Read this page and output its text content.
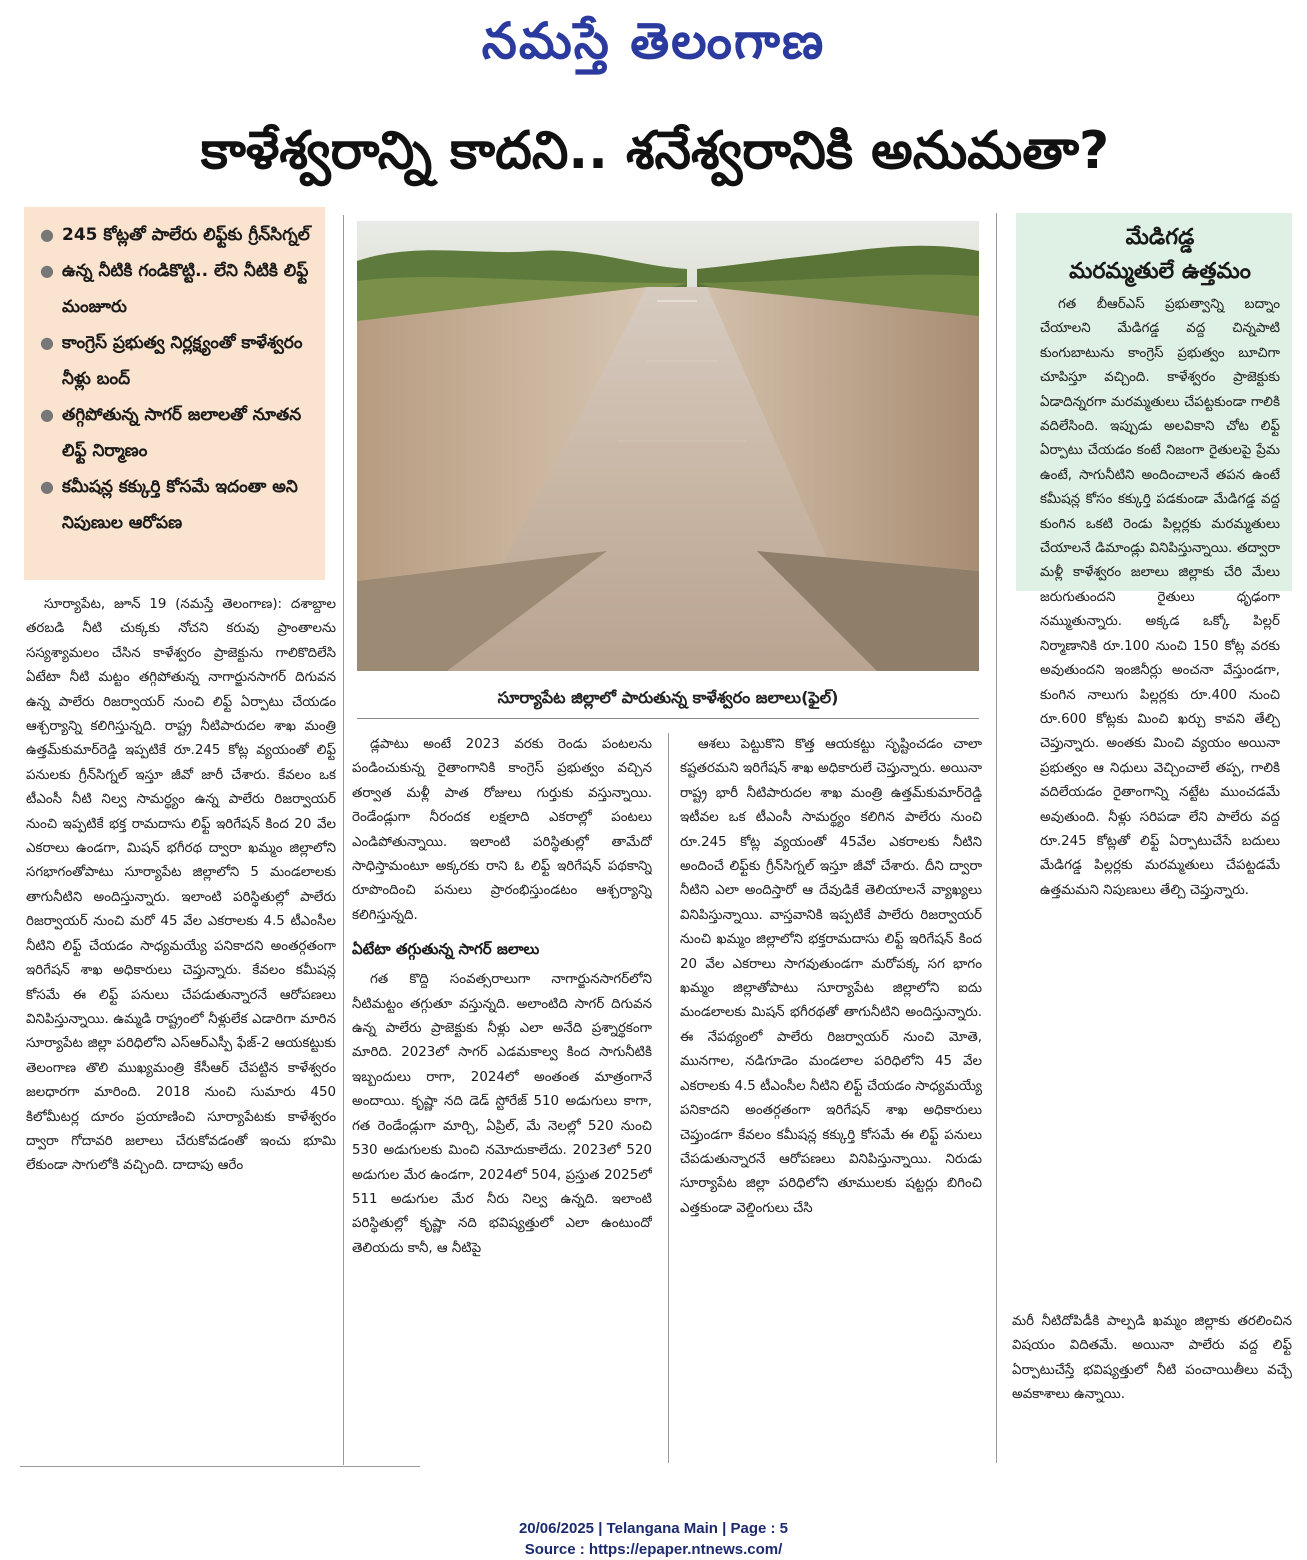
నమస్తే తెలంగాణ
కాళేశ్వరాన్ని కాదని.. శనేశ్వరానికి అనుమతా?
● 245 కోట్లతో పాలేరు లిఫ్ట్‌కు గ్రీన్‌సిగ్నల్
● ఉన్న నీటికి గండికొట్టి.. లేని నీటికి లిఫ్ట్ మంజూరు
● కాంగ్రెస్ ప్రభుత్వ నిర్లక్ష్యంతో కాళేశ్వరం నీళ్లు బంద్
● తగ్గిపోతున్న సాగర్ జలాలతో నూతన లిఫ్ట్ నిర్మాణం
● కమీషన్ల కక్కుర్తి కోసమే ఇదంతా అని నిపుణుల ఆరోపణ
సూర్యాపేట జిల్లాలో పారుతున్న కాళేశ్వరం జలాలు(ఫైల్)
మేడిగడ్డ
మరమ్మతులే ఉత్తమం

గత బీఆర్‌ఎస్ ప్రభుత్వాన్ని బద్నాం చేయాలని మేడిగడ్డ వద్ద చిన్నపాటి కుంగుబాటును కాంగ్రెస్ ప్రభుత్వం బూచిగా చూపిస్తూ వచ్చింది. కాళేశ్వరం ప్రాజెక్టుకు ఏడాదిన్నరగా మరమ్మతులు చేపట్టకుండా గాలికి వదిలేసింది. ఇప్పుడు అలవికాని చోట లిఫ్ట్ ఏర్పాటు చేయడం కంటే నిజంగా రైతులపై ప్రేమ ఉంటే, సాగునీటిని అందించాలనే తపన ఉంటే కమీషన్ల కోసం కక్కుర్తి పడకుండా మేడిగడ్డ వద్ద కుంగిన ఒకటి రెండు పిల్లర్లకు మరమ్మతులు చేయాలనే డిమాండ్లు వినిపిస్తున్నాయి. తద్వారా మళ్లీ కాళేశ్వరం జలాలు జిల్లాకు చేరి మేలు జరుగుతుందని రైతులు ధృఢంగా నమ్ముతున్నారు. అక్కడ ఒక్కో పిల్లర్ నిర్మాణానికి రూ.100 నుంచి 150 కోట్ల వరకు అవుతుందని ఇంజినీర్లు అంచనా వేస్తుండగా, కుంగిన నాలుగు పిల్లర్లకు రూ.400 నుంచి రూ.600 కోట్లకు మించి ఖర్చు కావని తేల్చి చెప్తున్నారు. అంతకు మించి వ్యయం అయినా ప్రభుత్వం ఆ నిధులు వెచ్చించాలే తప్ప, గాలికి వదిలేయడం రైతాంగాన్ని నట్టేట ముంచడమే అవుతుంది. నీళ్లు సరిపడా లేని పాలేరు వద్ద రూ.245 కోట్లతో లిఫ్ట్ ఏర్పాటుచేసే బదులు మేడిగడ్డ పిల్లర్లకు మరమ్మతులు చేపట్టడమే ఉత్తమమని నిపుణులు తేల్చి చెప్తున్నారు.

సూర్యాపేట, జూన్ 19 (నమస్తే తెలంగాణ): దశాబ్దాల తరబడి నీటి చుక్కకు నోచని కరువు ప్రాంతాలను సస్యశ్యామలం చేసిన కాళేశ్వరం ప్రాజెక్టును గాలికొదిలేసి ఏటేటా నీటి మట్టం తగ్గిపోతున్న నాగార్జునసాగర్ దిగువన ఉన్న పాలేరు రిజర్వాయర్ నుంచి లిఫ్ట్ ఏర్పాటు చేయడం ఆశ్చర్యాన్ని కలిగిస్తున్నది. రాష్ట్ర నీటిపారుదల శాఖ మంత్రి ఉత్తమ్‌కుమార్‌రెడ్డి ఇప్పటికే రూ.245 కోట్ల వ్యయంతో లిఫ్ట్ పనులకు గ్రీన్‌సిగ్నల్ ఇస్తూ జీవో జారీ చేశారు. కేవలం ఒక టీఎంసీ నీటి నిల్వ సామర్థ్యం ఉన్న పాలేరు రిజర్వాయర్ నుంచి ఇప్పటికే భక్త రామదాసు లిఫ్ట్ ఇరిగేషన్ కింద 20 వేల ఎకరాలు ఉండగా, మిషన్ భగీరథ ద్వారా ఖమ్మం జిల్లాలోని సగభాగంతోపాటు సూర్యాపేట జిల్లాలోని 5 మండలాలకు తాగునీటిని అందిస్తున్నారు. ఇలాంటి పరిస్థితుల్లో పాలేరు రిజర్వాయర్ నుంచి మరో 45 వేల ఎకరాలకు 4.5 టీఎంసీల నీటిని లిఫ్ట్ చేయడం సాధ్యమయ్యే పనికాదని అంతర్గతంగా ఇరిగేషన్ శాఖ అధికారులు చెప్తున్నారు. కేవలం కమీషన్ల కోసమే ఈ లిఫ్ట్ పనులు చేపడుతున్నారనే ఆరోపణలు వినిపిస్తున్నాయి. ఉమ్మడి రాష్ట్రంలో నీళ్లులేక ఎడారిగా మారిన సూర్యాపేట జిల్లా పరిధిలోని ఎస్‌ఆర్‌ఎస్పీ ఫేజ్-2 ఆయకట్టుకు తెలంగాణ తొలి ముఖ్యమంత్రి కేసీఆర్ చేపట్టిన కాళేశ్వరం జలధారగా మారింది. 2018 నుంచి సుమారు 450 కిలోమీటర్ల దూరం ప్రయాణించి సూర్యాపేటకు కాళేశ్వరం ద్వారా గోదావరి జలాలు చేరుకోవడంతో ఇంచు భూమి లేకుండా సాగులోకి వచ్చింది. దాదాపు ఆరేం

డ్లపాటు అంటే 2023 వరకు రెండు పంటలను పండించుకున్న రైతాంగానికి కాంగ్రెస్ ప్రభుత్వం వచ్చిన తర్వాత మళ్లీ పాత రోజులు గుర్తుకు వస్తున్నాయి. రెండేండ్లుగా నీరందక లక్షలాది ఎకరాల్లో పంటలు ఎండిపోతున్నాయి. ఇలాంటి పరిస్థితుల్లో తామేదో సాధిస్తామంటూ అక్కరకు రాని ఓ లిఫ్ట్ ఇరిగేషన్ పథకాన్ని రూపొందించి పనులు ప్రారంభిస్తుండటం ఆశ్చర్యాన్ని కలిగిస్తున్నది.

ఏటేటా తగ్గుతున్న సాగర్ జలాలు

గత కొద్ది సంవత్సరాలుగా నాగార్జునసాగర్‌లోని నీటిమట్టం తగ్గుతూ వస్తున్నది. అలాంటిది సాగర్ దిగువన ఉన్న పాలేరు ప్రాజెక్టుకు నీళ్లు ఎలా అనేది ప్రశ్నార్థకంగా మారిది. 2023లో సాగర్ ఎడమకాల్వ కింద సాగునీటికి ఇబ్బందులు రాగా, 2024లో అంతంత మాత్రంగానే అందాయి. కృష్ణా నది డెడ్ స్టోరేజ్ 510 అడుగులు కాగా, గత రెండేండ్లుగా మార్చి, ఏప్రిల్, మే నెలల్లో 520 నుంచి 530 అడుగులకు మించి నమోదుకాలేదు. 2023లో 520 అడుగుల మేర ఉండగా, 2024లో 504, ప్రస్తుత 2025లో 511 అడుగుల మేర నీరు నిల్వ ఉన్నది. ఇలాంటి పరిస్థితుల్లో కృష్ణా నది భవిష్యత్తులో ఎలా ఉంటుందో తెలియదు కానీ, ఆ నీటిపై

ఆశలు పెట్టుకొని కొత్త ఆయకట్టు సృష్టించడం చాలా కష్టతరమని ఇరిగేషన్ శాఖ అధికారులే చెప్తున్నారు. అయినా రాష్ట్ర భారీ నీటిపారుదల శాఖ మంత్రి ఉత్తమ్‌కుమార్‌రెడ్డి ఇటీవల ఒక టీఎంసీ సామర్థ్యం కలిగిన పాలేరు నుంచి రూ.245 కోట్ల వ్యయంతో 45వేల ఎకరాలకు నీటిని అందించే లిఫ్ట్‌కు గ్రీన్‌సిగ్నల్ ఇస్తూ జీవో చేశారు. దీని ద్వారా నీటిని ఎలా అందిస్తారో ఆ దేవుడికే తెలియాలనే వ్యాఖ్యలు వినిపిస్తున్నాయి. వాస్తవానికి ఇప్పటికే పాలేరు రిజర్వాయర్ నుంచి ఖమ్మం జిల్లాలోని భక్తరామదాసు లిఫ్ట్ ఇరిగేషన్ కింద 20 వేల ఎకరాలు సాగవుతుండగా మరోపక్క సగ భాగం ఖమ్మం జిల్లాతోపాటు సూర్యాపేట జిల్లాలోని ఐదు మండలాలకు మిషన్ భగీరథతో తాగునీటిని అందిస్తున్నారు. ఈ నేపథ్యంలో పాలేరు రిజర్వాయర్ నుంచి మోతె, మునగాల, నడిగూడెం మండలాల పరిధిలోని 45 వేల ఎకరాలకు 4.5 టీఎంసీల నీటిని లిఫ్ట్ చేయడం సాధ్యమయ్యే పనికాదని అంతర్గతంగా ఇరిగేషన్ శాఖ అధికారులు చెప్తుండగా కేవలం కమీషన్ల కక్కుర్తి కోసమే ఈ లిఫ్ట్ పనులు చేపడుతున్నారనే ఆరోపణలు వినిపిస్తున్నాయి. నిరుడు సూర్యాపేట జిల్లా పరిధిలోని తూములకు షట్టర్లు బిగించి ఎత్తకుండా వెల్డింగులు చేసి

మరీ నీటిదోపిడీకి పాల్పడి ఖమ్మం జిల్లాకు తరలించిన విషయం విదితమే. అయినా పాలేరు వద్ద లిఫ్ట్ ఏర్పాటుచేస్తే భవిష్యత్తులో నీటి పంచాయితీలు వచ్చే అవకాశాలు ఉన్నాయి.

20/06/2025 | Telangana Main | Page : 5
Source : https://epaper.ntnews.com/
